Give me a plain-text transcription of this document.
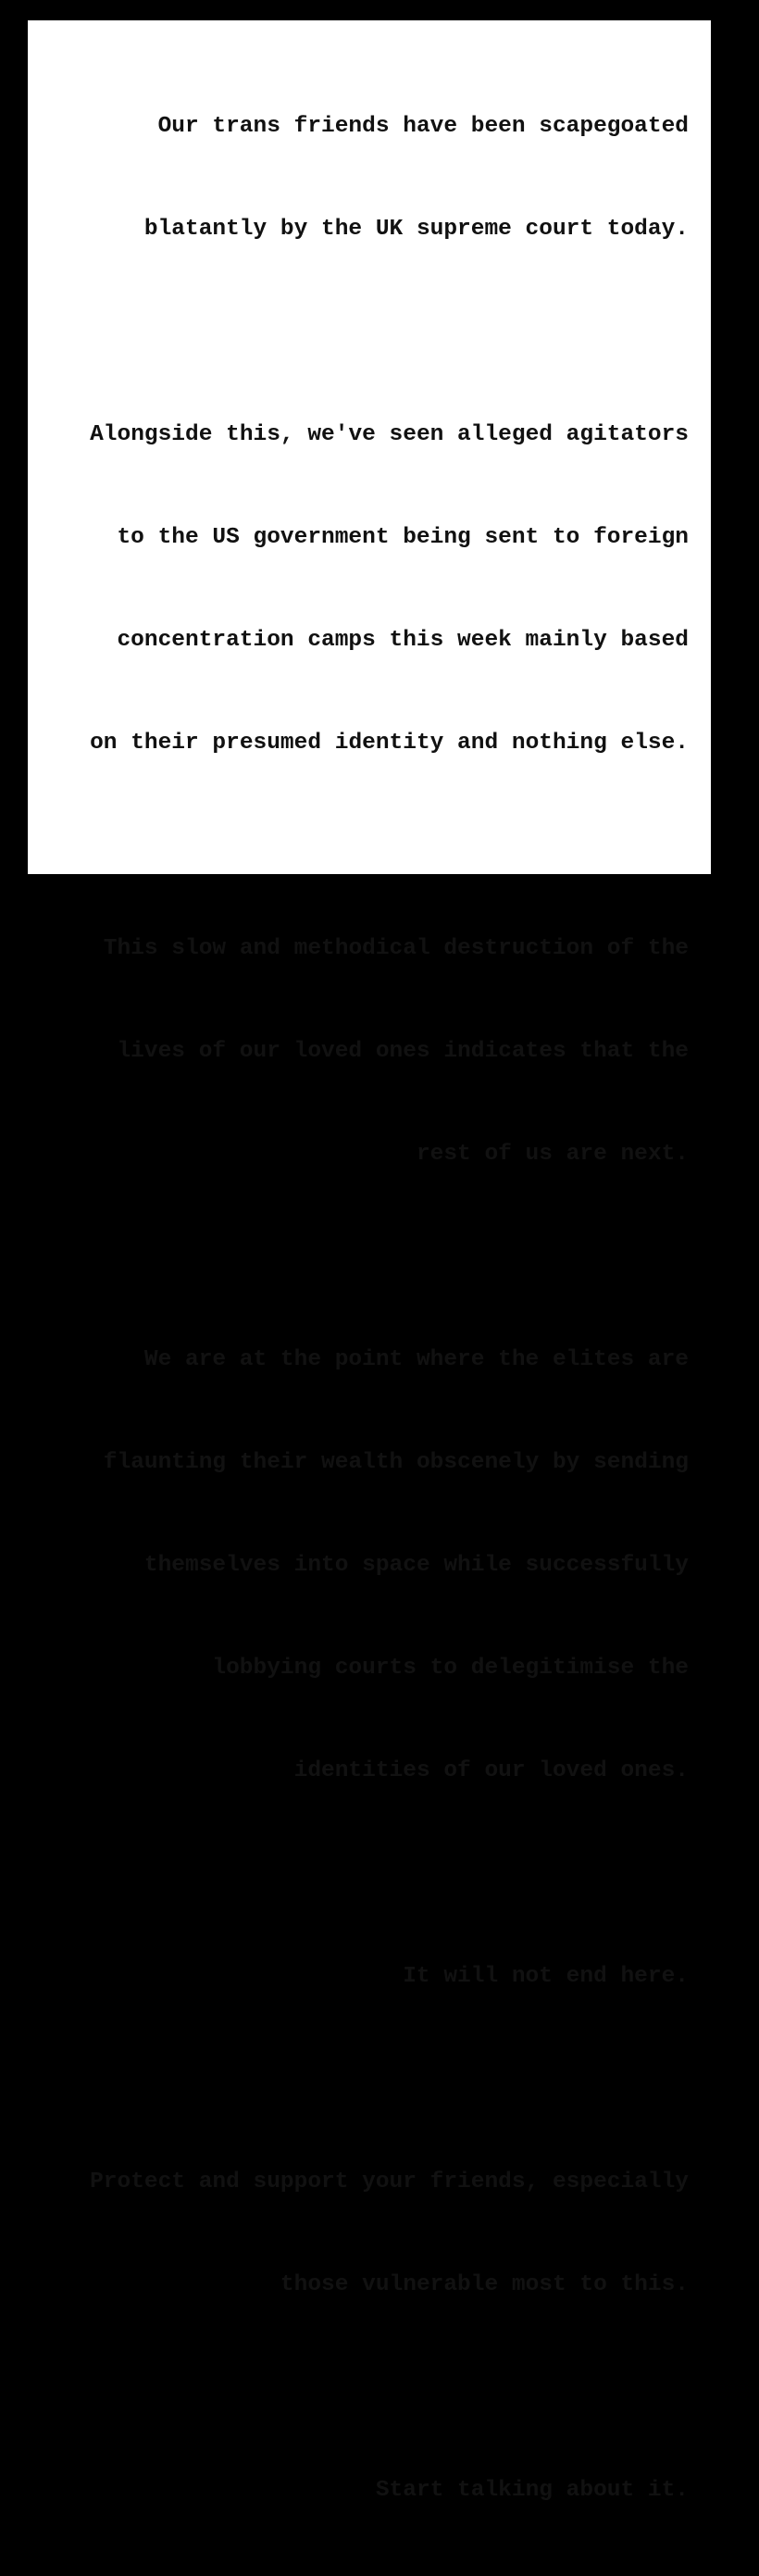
Our trans friends have been scapegoated

blatantly by the UK supreme court today.

Alongside this, we've seen alleged agitators

to the US government being sent to foreign

concentration camps this week mainly based

on their presumed identity and nothing else.

This slow and methodical destruction of the

lives of our loved ones indicates that the

rest of us are next.

We are at the point where the elites are

flaunting their wealth obscenely by sending

themselves into space while successfully

lobbying courts to delegitimise the

identities of our loved ones.

It will not end here.

Protect and support your friends, especially

those vulnerable most to this.

Start talking about it.
